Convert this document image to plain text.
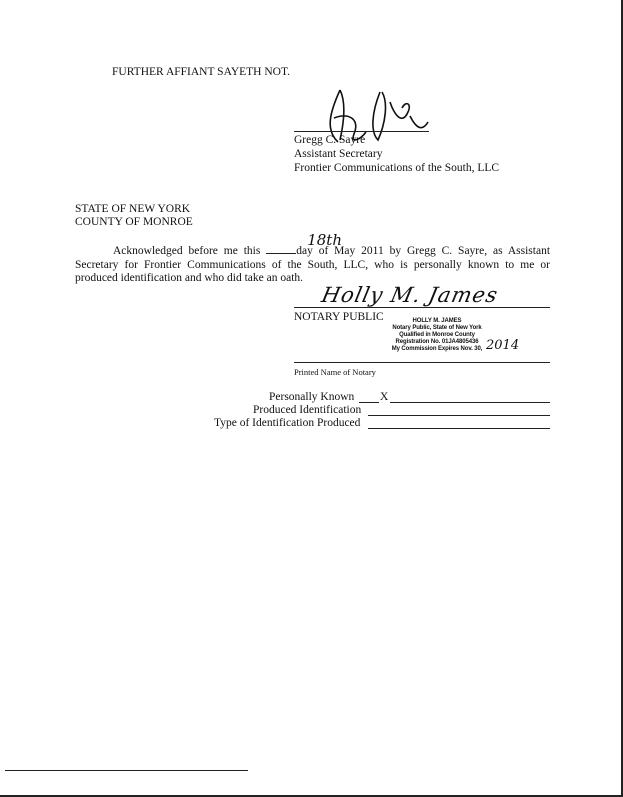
FURTHER AFFIANT SAYETH NOT.
Gregg C. Sayre
Assistant Secretary
Frontier Communications of the South, LLC
STATE OF NEW YORK
COUNTY OF MONROE
Acknowledged before me this
18th
day of May 2011 by Gregg C. Sayre, as Assistant Secretary for Frontier Communications of the South, LLC, who is personally known to me or produced identification and who did take an oath.
Holly M. James
NOTARY PUBLIC	HOLLY M. JAMES
Notary Public, State of New York
Qualified in Monroe County
Registration No. 01JA4805436
My Commission Expires Nov. 30, 2014
Printed Name of Notary
Personally Known X
Produced Identification
Type of Identification Produced
